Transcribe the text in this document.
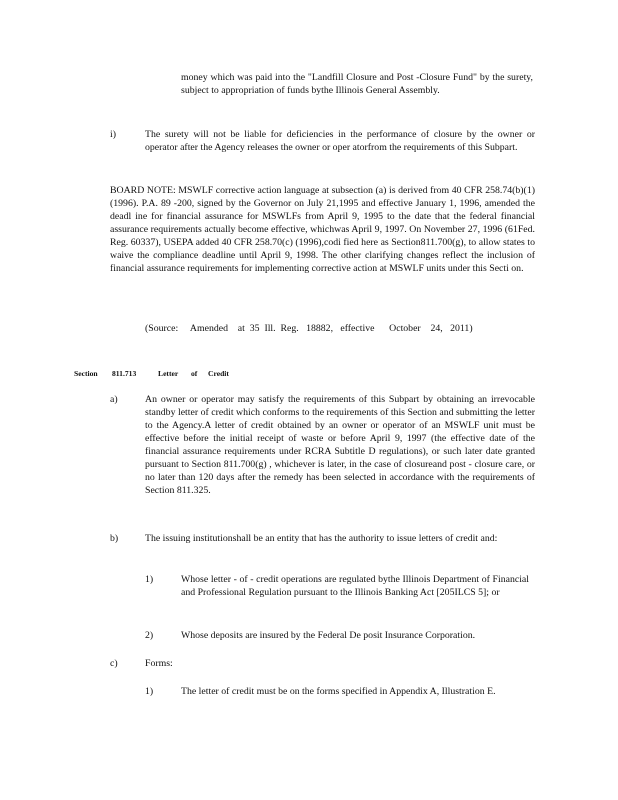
money which was paid into the "Landfill Closure and Post -Closure Fund" by the surety, subject to appropriation of funds bythe Illinois General Assembly.

i)	The surety will not be liable for deficiencies in the performance of closure by the owner or operator after the Agency releases the owner or oper atorfrom the requirements of this Subpart.

BOARD NOTE: MSWLF corrective action language at subsection (a) is derived from 40 CFR 258.74(b)(1) (1996). P.A. 89 -200, signed by the Governor on July 21,1995 and effective January 1, 1996, amended the deadl ine for financial assurance for MSWLFs from April 9, 1995 to the date that the federal financial assurance requirements actually become effective, whichwas April 9, 1997. On November 27, 1996 (61Fed. Reg. 60337), USEPA added 40 CFR 258.70(c) (1996),codi fied here as Section811.700(g), to allow states to waive the compliance deadline until April 9, 1998. The other clarifying changes reflect the inclusion of financial assurance requirements for implementing corrective action at MSWLF units under this Secti on.

(Source:     Amended    at  35  Ill.  Reg.   18882,   effective      October    24,   2011)

Section 811.713	Letter of Credit
a)	An owner or operator may satisfy the requirements of this Subpart by obtaining an irrevocable standby letter of credit which conforms to the requirements of this Section and submitting the letter to the Agency.A letter of credit obtained by an owner or operator of an MSWLF unit must be effective before the initial receipt of waste or before April 9, 1997 (the effective date of the financial assurance requirements under RCRA Subtitle D regulations), or such later date granted pursuant to Section 811.700(g) , whichever is later, in the case of closureand post - closure care, or no later than 120 days after the remedy has been selected in accordance with the requirements of Section 811.325.

b)	The issuing institutionshall be an entity that has the authority to issue letters of credit and:

1)	Whose letter - of - credit operations are regulated bythe Illinois Department of Financial and Professional Regulation pursuant to the Illinois Banking Act [205ILCS 5]; or

2)	Whose deposits are insured by the Federal De posit Insurance Corporation.

c)	Forms:

1)	The letter of credit must be on the forms specified in Appendix A, Illustration E.
